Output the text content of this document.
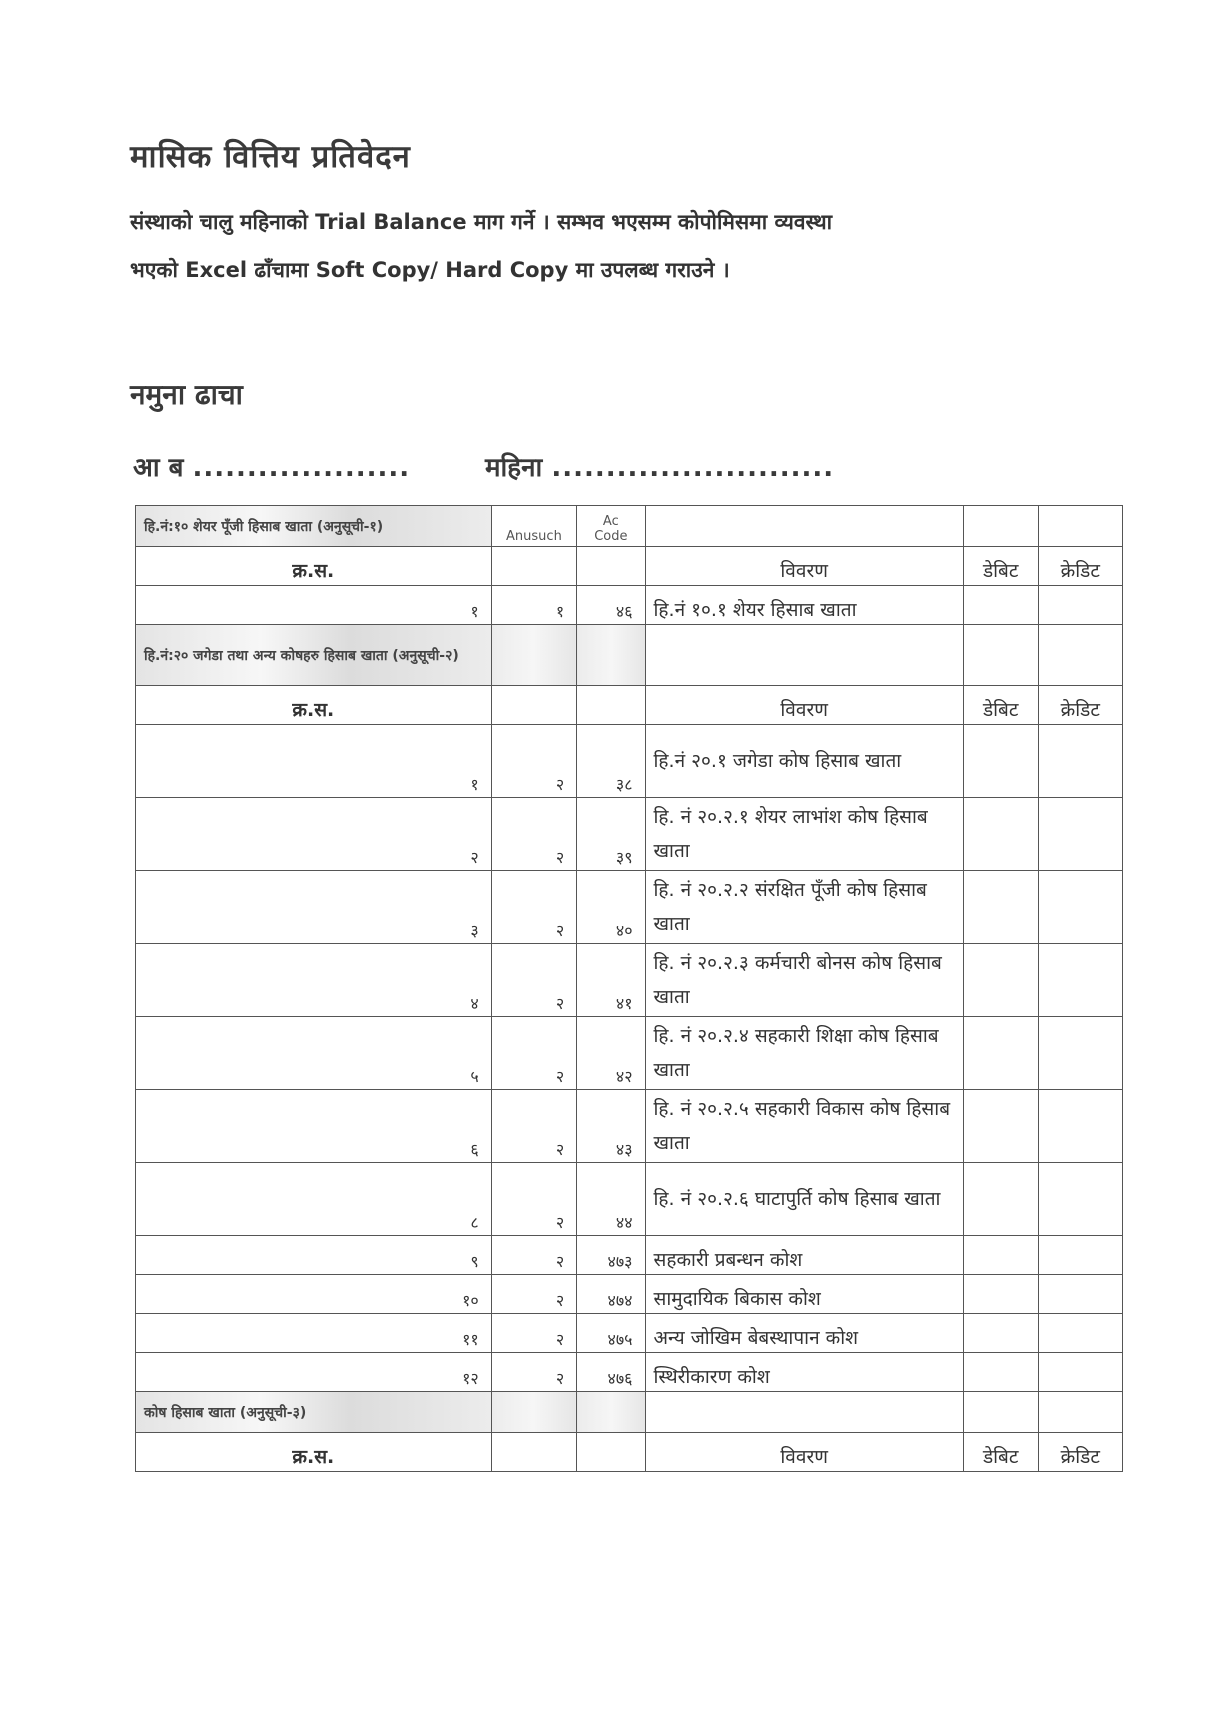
मासिक वित्तिय प्रतिवेदन
संस्थाको चालु महिनाको Trial Balance माग गर्ने । सम्भव भएसम्म कोपोमिसमा व्यवस्था
भएको Excel ढाँचामा Soft Copy/ Hard Copy मा उपलब्ध गराउने ।
नमुना ढाचा
आ ब ....................	महिना ..........................
हि.नं:१० शेयर पूँजी हिसाब खाता (अनुसूची-१)	Anusuch	Ac Code			
क्र.स.			विवरण	डेबिट	क्रेडिट
१	१	४६	हि.नं १०.१ शेयर हिसाब खाता		
हि.नं:२० जगेडा तथा अन्य कोषहरु हिसाब खाता (अनुसूची-२)					
क्र.स.			विवरण	डेबिट	क्रेडिट
१	२	३८	हि.नं २०.१ जगेडा कोष हिसाब खाता		
२	२	३९	हि. नं २०.२.१ शेयर लाभांश कोष हिसाब खाता		
३	२	४०	हि. नं २०.२.२ संरक्षित पूँजी कोष हिसाब खाता		
४	२	४१	हि. नं २०.२.३ कर्मचारी बोनस कोष हिसाब खाता		
५	२	४२	हि. नं २०.२.४ सहकारी शिक्षा कोष हिसाब खाता		
६	२	४३	हि. नं २०.२.५ सहकारी विकास कोष हिसाब खाता		
८	२	४४	हि. नं २०.२.६ घाटापुर्ति कोष हिसाब खाता		
९	२	४७३	सहकारी प्रबन्धन कोश		
१०	२	४७४	सामुदायिक बिकास कोश		
११	२	४७५	अन्य जोखिम बेबस्थापान कोश		
१२	२	४७६	स्थिरीकारण कोश		
कोष हिसाब खाता (अनुसूची-३)					
क्र.स.			विवरण	डेबिट	क्रेडिट
